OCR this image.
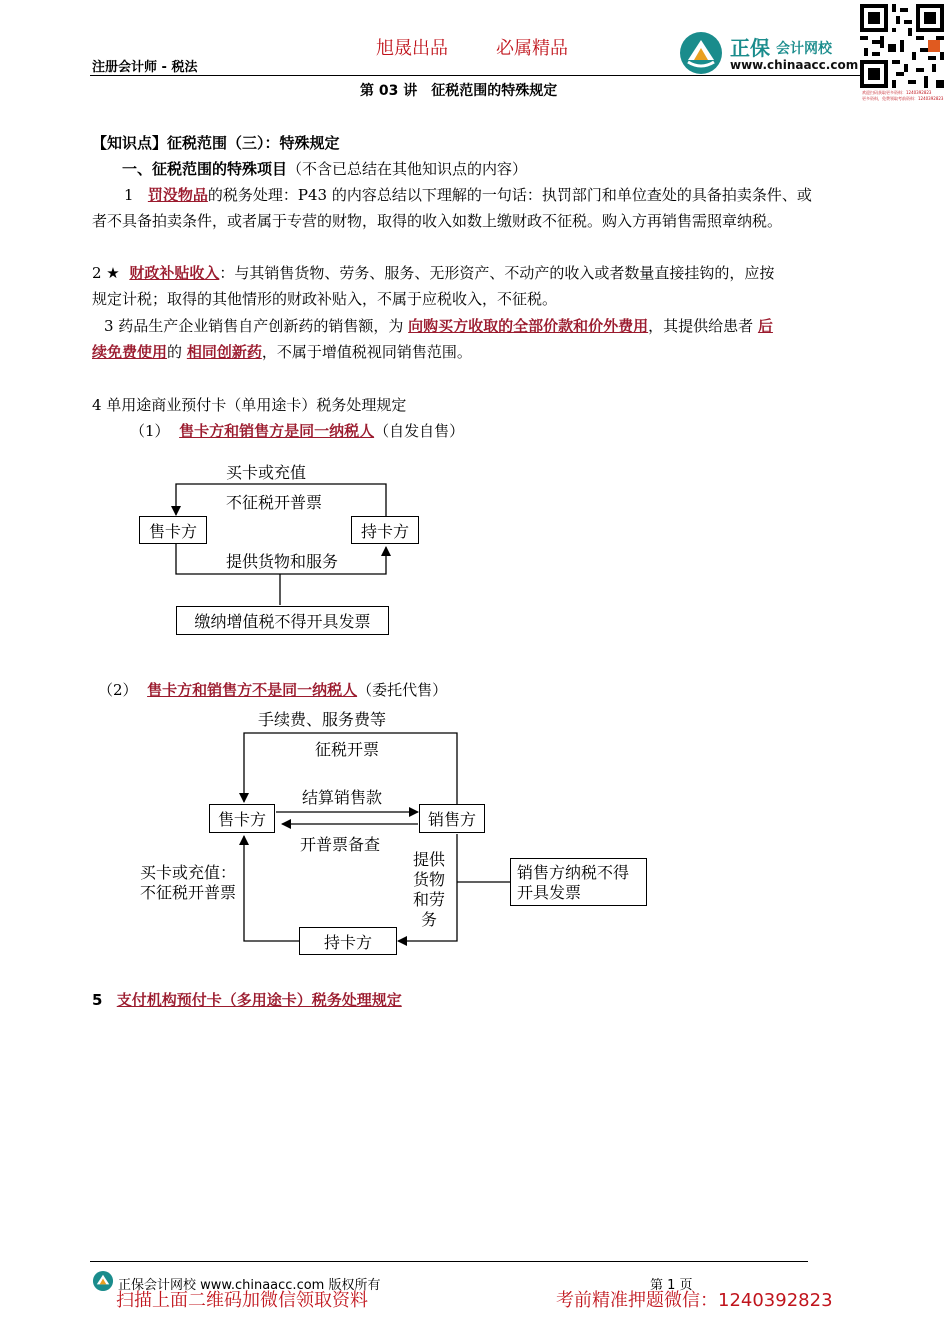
旭晟出品	必属精品
注册会计师 - 税法
正保 会计网校
www.chinaacc.com
欢迎扫码获取更多资料：1240392823
更多资料，免费领取考前资料：1240392823
第 03 讲　征税范围的特殊规定
【知识点】征税范围（三）：特殊规定
一、征税范围的特殊项目（不含已总结在其他知识点的内容）
1 罚没物品的税务处理：P43 的内容总结以下理解的一句话：执罚部门和单位查处的具备拍卖条件、或
者不具备拍卖条件，或者属于专营的财物，取得的收入如数上缴财政不征税。购入方再销售需照章纳税。
2 ★ 财政补贴收入：与其销售货物、劳务、服务、无形资产、不动产的收入或者数量直接挂钩的，应按
规定计税；取得的其他情形的财政补贴入，不属于应税收入，不征税。
3 药品生产企业销售自产创新药的销售额，为 向购买方收取的全部价款和价外费用，其提供给患者 后
续免费使用的 相同创新药，不属于增值税视同销售范围。
4 单用途商业预付卡（单用途卡）税务处理规定
（1） 售卡方和销售方是同一纳税人（自发自售）
买卡或充值
不征税开普票
售卡方	持卡方
提供货物和服务
缴纳增值税不得开具发票
（2） 售卡方和销售方不是同一纳税人（委托代售）
手续费、服务费等
征税开票
结算销售款
售卡方	销售方
开普票备查
买卡或充值：
不征税开普票
提供
货物
和劳
务
销售方纳税不得开具发票
持卡方
5 支付机构预付卡（多用途卡）税务处理规定
正保会计网校 www.chinaacc.com 版权所有	第 1 页
扫描上面二维码加微信领取资料	考前精准押题微信：1240392823
